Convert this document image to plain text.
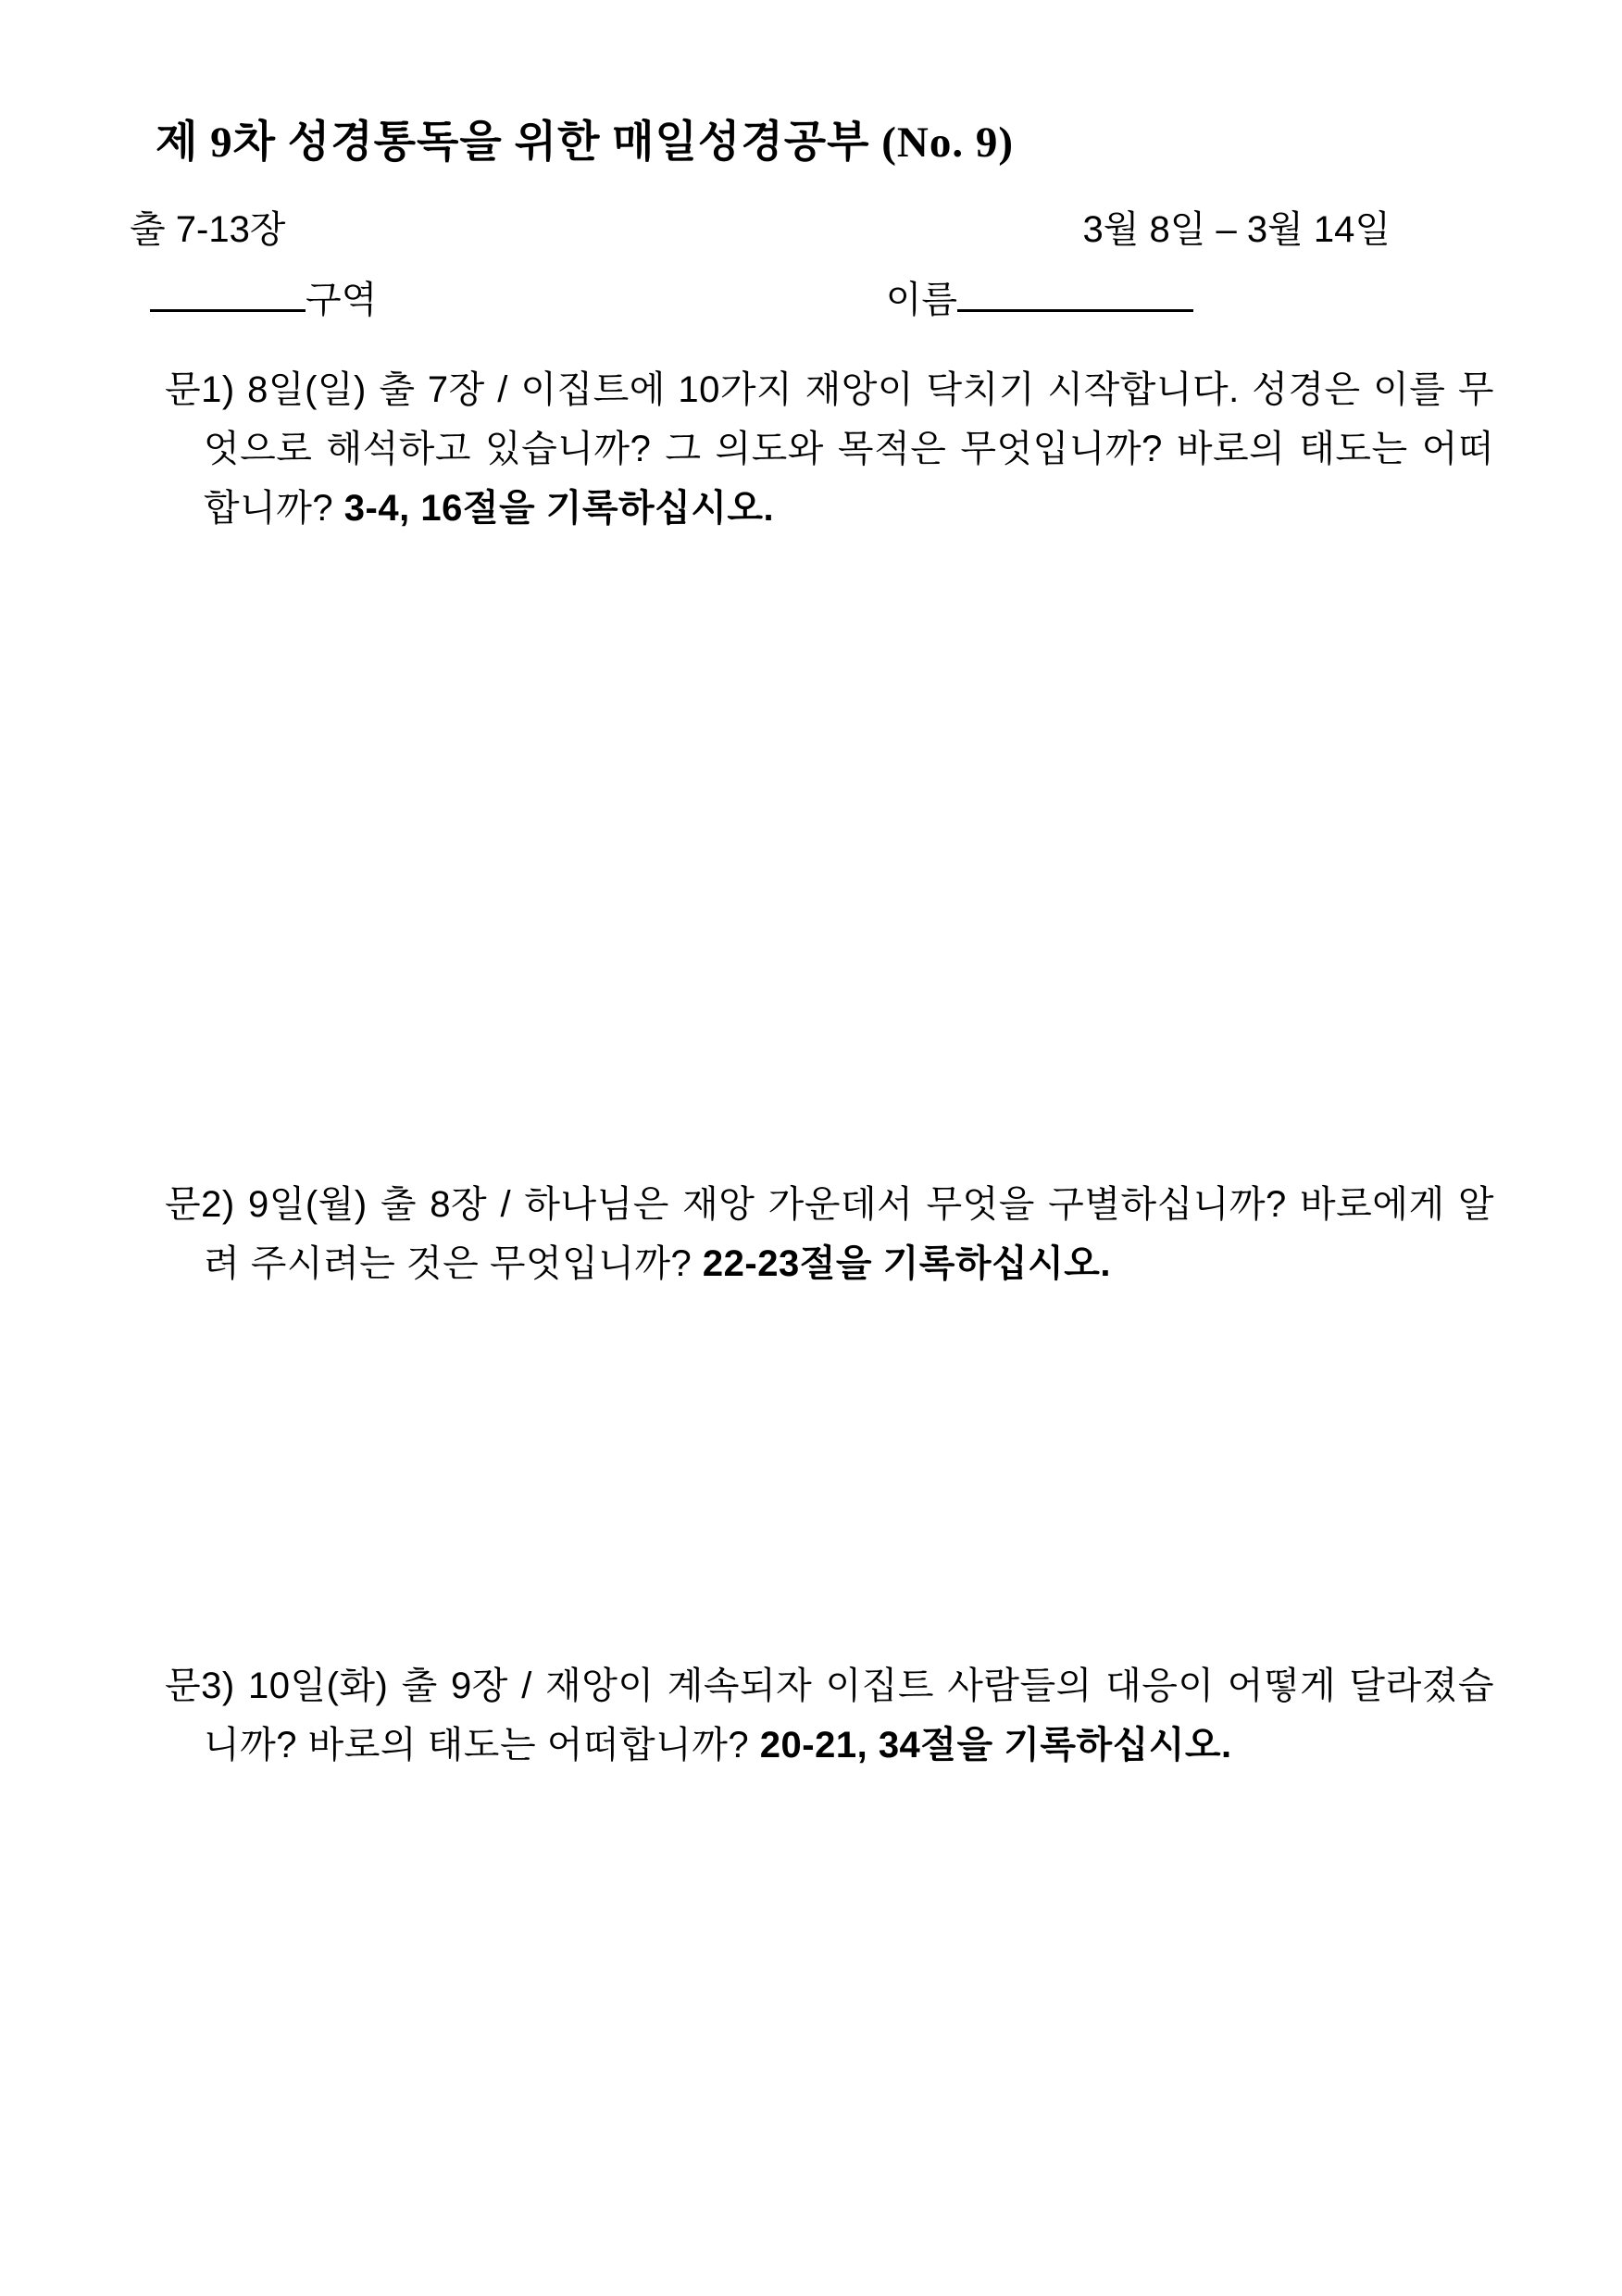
제 9차 성경통독을 위한 매일성경공부 (No. 9)
출 7-13장	3월 8일 – 3월 14일
구역	이름

문1) 8일(일) 출 7장 / 이집트에 10가지 재앙이 닥치기 시작합니다. 성경은 이를 무엇으로 해석하고 있습니까? 그 의도와 목적은 무엇입니까? 바로의 태도는 어떠합니까? 3-4, 16절을 기록하십시오.

문2) 9일(월) 출 8장 / 하나님은 재앙 가운데서 무엇을 구별하십니까? 바로에게 알려 주시려는 것은 무엇입니까? 22-23절을 기록하십시오.

문3) 10일(화) 출 9장 / 재앙이 계속되자 이집트 사람들의 대응이 어떻게 달라졌습니까? 바로의 태도는 어떠합니까? 20-21, 34절을 기록하십시오.
